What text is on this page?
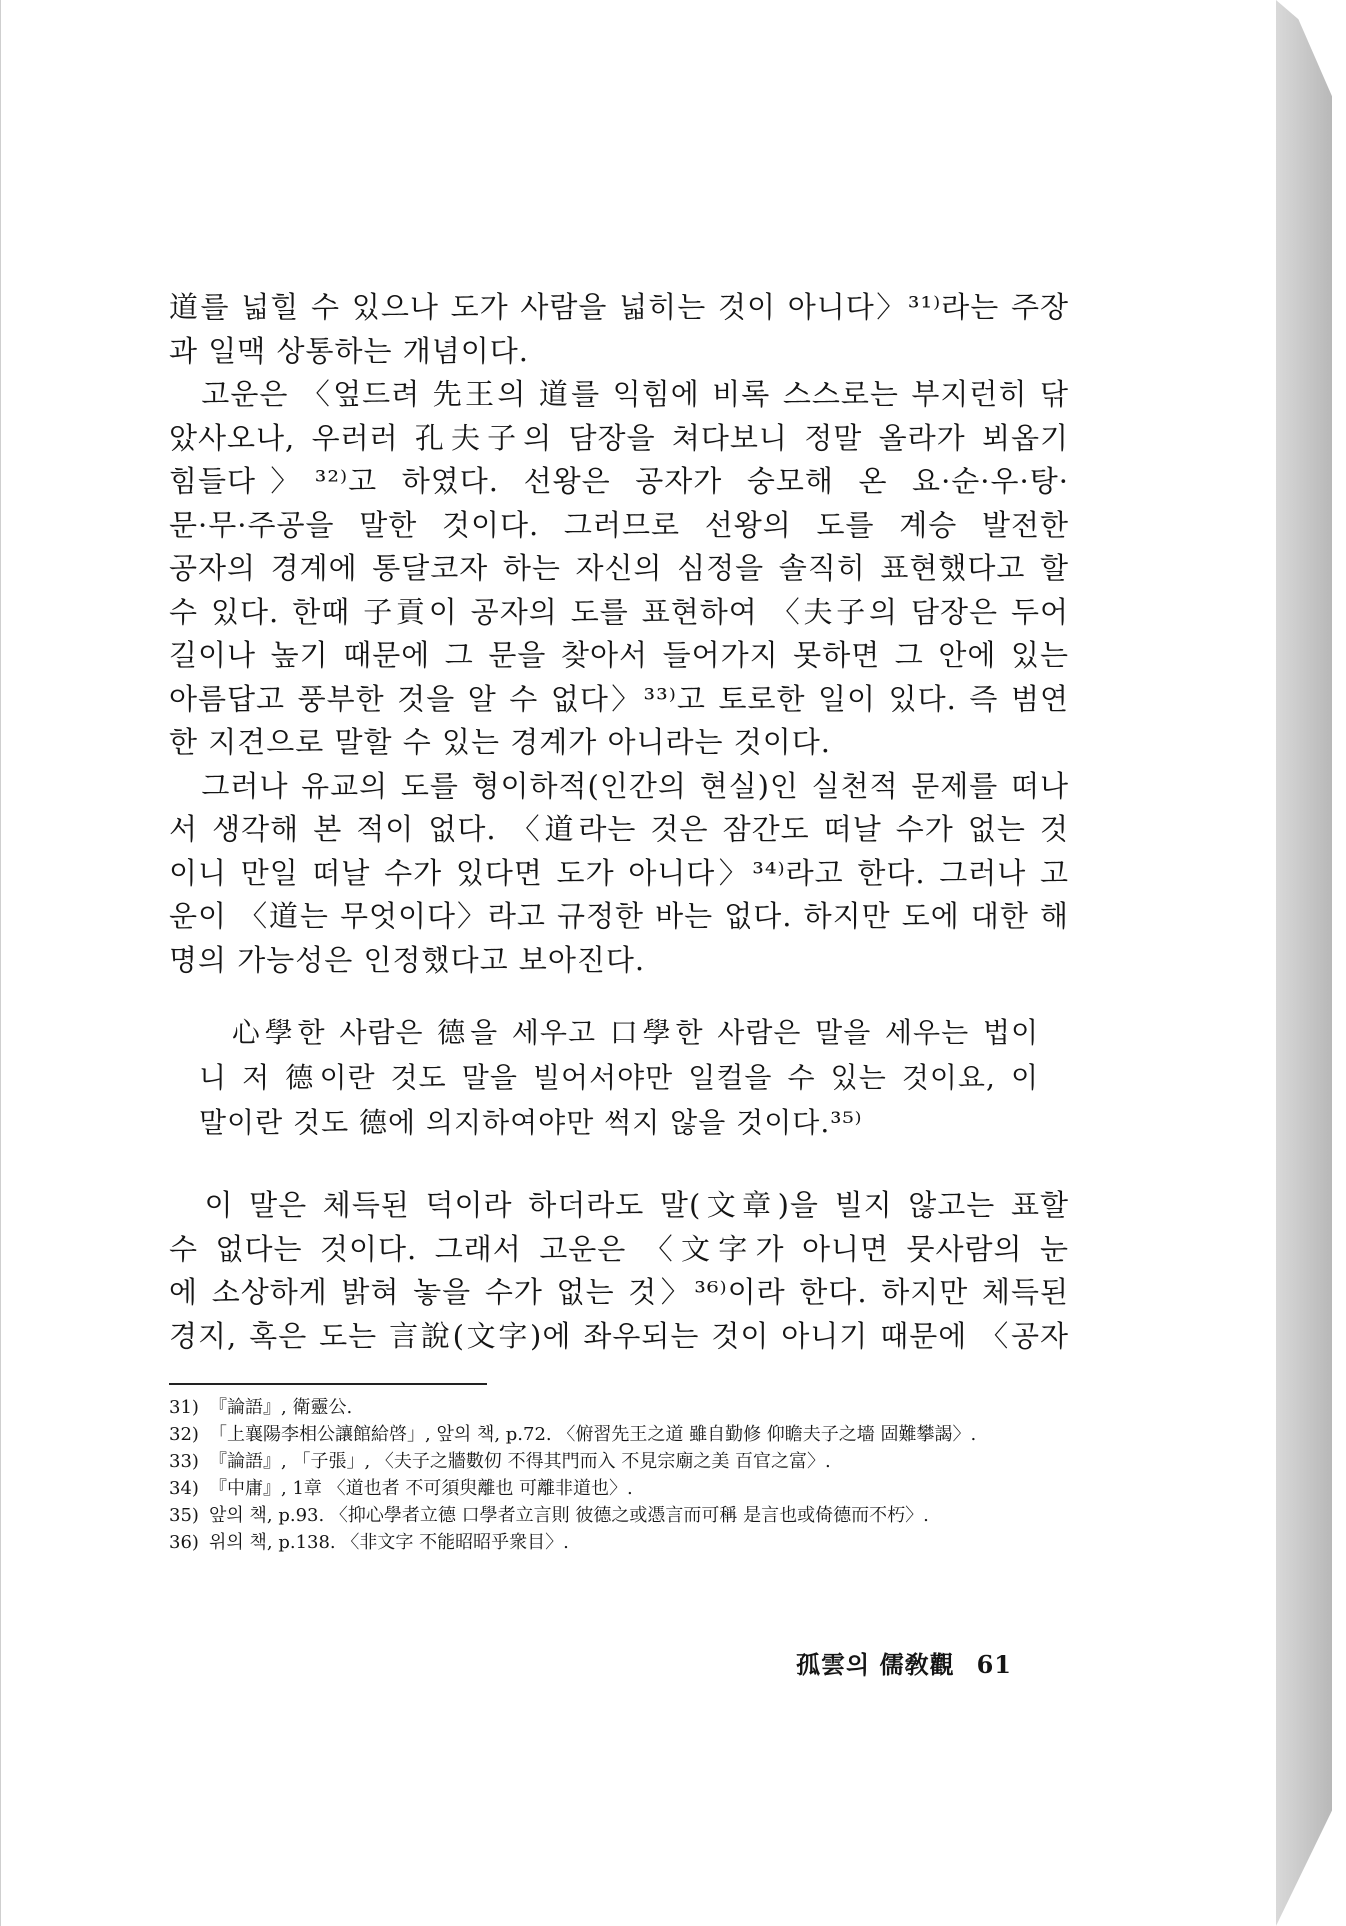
道를 넓힐 수 있으나 도가 사람을 넓히는 것이 아니다〉³¹⁾라는 주장
과 일맥 상통하는 개념이다.
　고운은 〈엎드려 先王의 道를 익힘에 비록 스스로는 부지런히 닦
았사오나, 우러러 孔夫子의 담장을 쳐다보니 정말 올라가 뵈옵기
힘들다〉³²⁾고 하였다. 선왕은 공자가 숭모해 온 요·순·우·탕·
문·무·주공을 말한 것이다. 그러므로 선왕의 도를 계승 발전한
공자의 경계에 통달코자 하는 자신의 심정을 솔직히 표현했다고 할
수 있다. 한때 子貢이 공자의 도를 표현하여 〈夫子의 담장은 두어
길이나 높기 때문에 그 문을 찾아서 들어가지 못하면 그 안에 있는
아름답고 풍부한 것을 알 수 없다〉³³⁾고 토로한 일이 있다. 즉 범연
한 지견으로 말할 수 있는 경계가 아니라는 것이다.
　그러나 유교의 도를 형이하적(인간의 현실)인 실천적 문제를 떠나
서 생각해 본 적이 없다. 〈道라는 것은 잠간도 떠날 수가 없는 것
이니 만일 떠날 수가 있다면 도가 아니다〉³⁴⁾라고 한다. 그러나 고
운이 〈道는 무엇이다〉라고 규정한 바는 없다. 하지만 도에 대한 해
명의 가능성은 인정했다고 보아진다.
　心學한 사람은 德을 세우고 口學한 사람은 말을 세우는 법이
니 저 德이란 것도 말을 빌어서야만 일컬을 수 있는 것이요, 이
말이란 것도 德에 의지하여야만 썩지 않을 것이다.³⁵⁾
　이 말은 체득된 덕이라 하더라도 말(文章)을 빌지 않고는 표할
수 없다는 것이다. 그래서 고운은 〈文字가 아니면 뭇사람의 눈
에 소상하게 밝혀 놓을 수가 없는 것〉³⁶⁾이라 한다. 하지만 체득된
경지, 혹은 도는 言說(文字)에 좌우되는 것이 아니기 때문에 〈공자
31) 『論語』, 衛靈公.
32) 「上襄陽李相公讓館給啓」, 앞의 책, p.72. 〈俯習先王之道 雖自勤修 仰瞻夫子之墻 固難攀謁〉.
33) 『論語』, 「子張」, 〈夫子之牆數仞 不得其門而入 不見宗廟之美 百官之富〉.
34) 『中庸』, 1章 〈道也者 不可須臾離也 可離非道也〉.
35) 앞의 책, p.93. 〈抑心學者立德 口學者立言則 彼德之或憑言而可稱 是言也或倚德而不朽〉.
36) 위의 책, p.138. 〈非文字 不能昭昭乎衆目〉.
孤雲의 儒敎觀 61
